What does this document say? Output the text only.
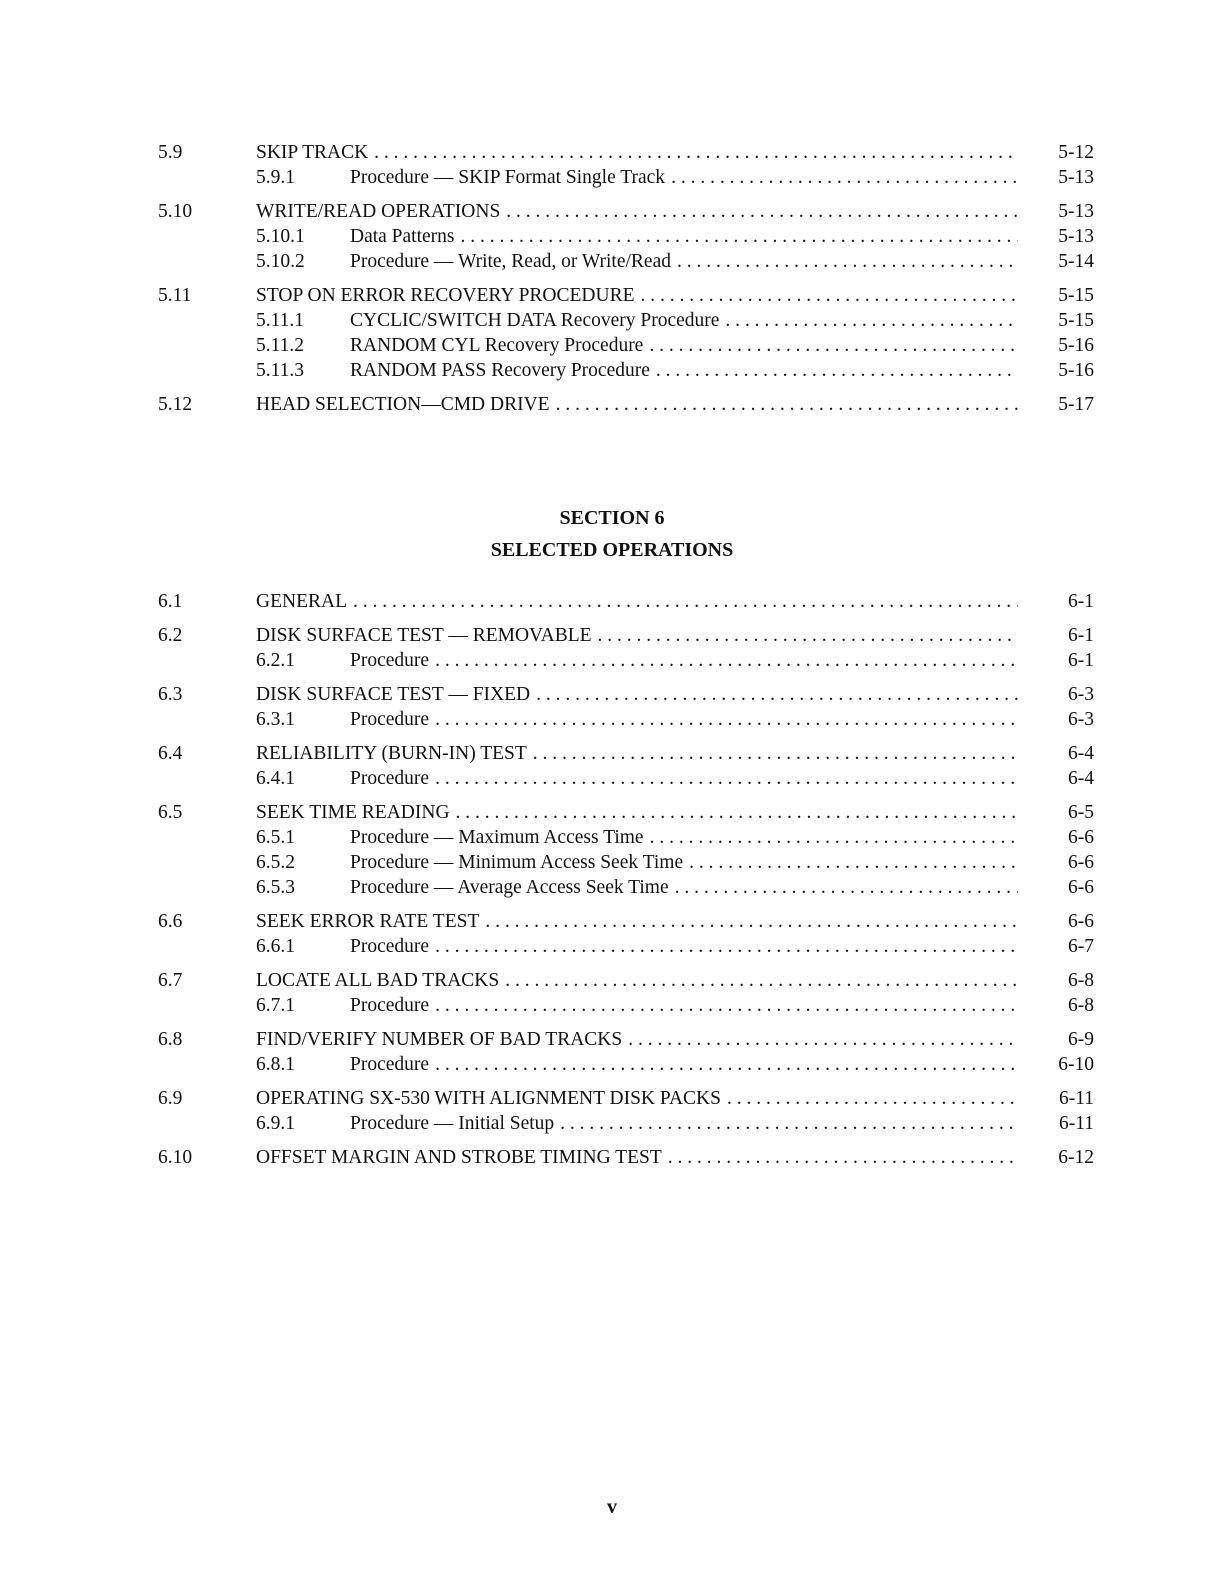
5.9	SKIP TRACK . . .	5-12
5.9.1	Procedure — SKIP Format Single Track . . .	5-13
5.10	WRITE/READ OPERATIONS . . .	5-13
5.10.1	Data Patterns . . .	5-13
5.10.2	Procedure — Write, Read, or Write/Read . . .	5-14
5.11	STOP ON ERROR RECOVERY PROCEDURE . . .	5-15
5.11.1	CYCLIC/SWITCH DATA Recovery Procedure . . .	5-15
5.11.2	RANDOM CYL Recovery Procedure . . .	5-16
5.11.3	RANDOM PASS Recovery Procedure . . .	5-16
5.12	HEAD SELECTION—CMD DRIVE . . .	5-17
SECTION 6
SELECTED OPERATIONS
6.1	GENERAL . . .	6-1
6.2	DISK SURFACE TEST — REMOVABLE . . .	6-1
6.2.1	Procedure . . .	6-1
6.3	DISK SURFACE TEST — FIXED . . .	6-3
6.3.1	Procedure . . .	6-3
6.4	RELIABILITY (BURN-IN) TEST . . .	6-4
6.4.1	Procedure . . .	6-4
6.5	SEEK TIME READING . . .	6-5
6.5.1	Procedure — Maximum Access Time . . .	6-6
6.5.2	Procedure — Minimum Access Seek Time . . .	6-6
6.5.3	Procedure — Average Access Seek Time . . .	6-6
6.6	SEEK ERROR RATE TEST . . .	6-6
6.6.1	Procedure . . .	6-7
6.7	LOCATE ALL BAD TRACKS . . .	6-8
6.7.1	Procedure . . .	6-8
6.8	FIND/VERIFY NUMBER OF BAD TRACKS . . .	6-9
6.8.1	Procedure . . .	6-10
6.9	OPERATING SX-530 WITH ALIGNMENT DISK PACKS . . .	6-11
6.9.1	Procedure — Initial Setup . . .	6-11
6.10	OFFSET MARGIN AND STROBE TIMING TEST . . .	6-12
v
